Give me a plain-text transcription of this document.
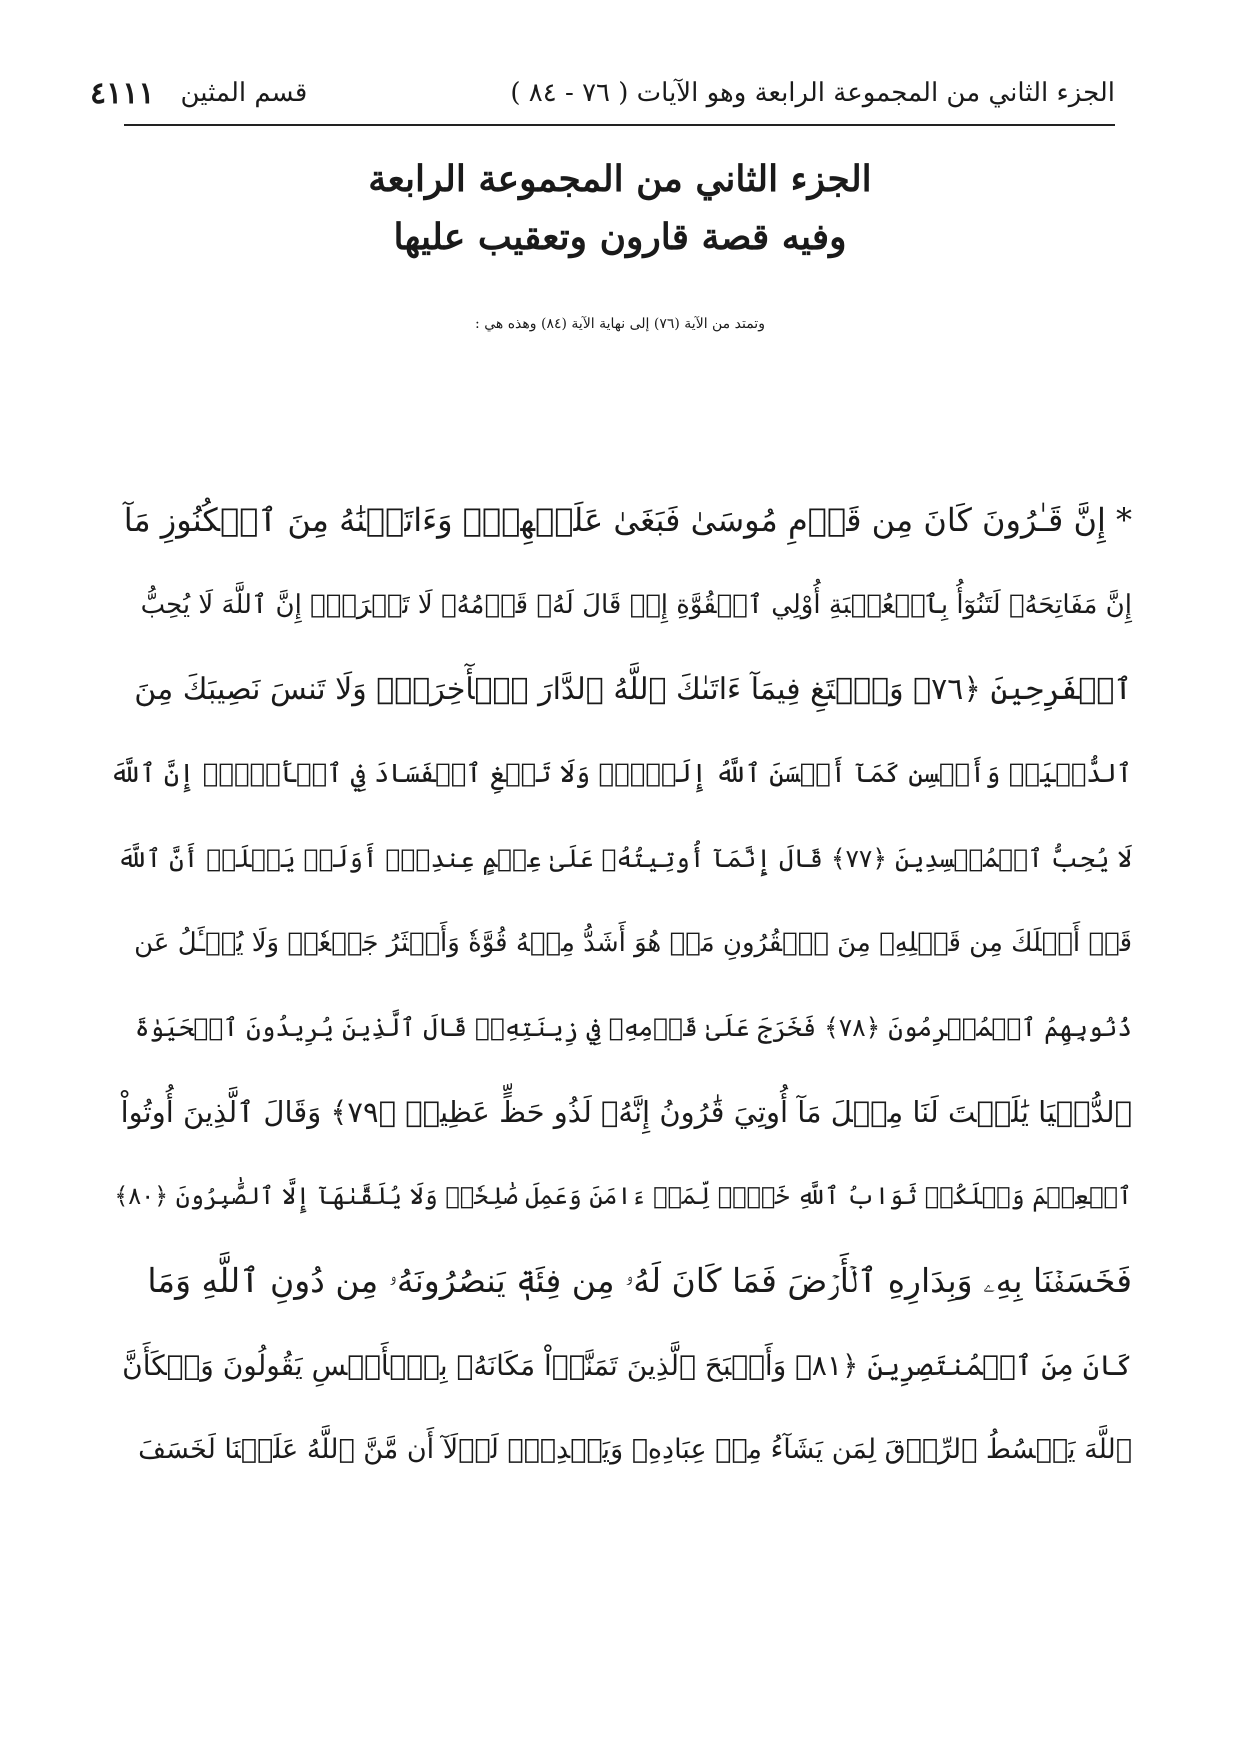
الجزء الثاني من المجموعة الرابعة وهو الآيات ( ٧٦ - ٨٤ )
قسم المثين
٤١١١
الجزء الثاني من المجموعة الرابعة
وفيه قصة قارون وتعقيب عليها
وتمتد من الآية (٧٦) إلى نهاية الآية (٨٤) وهذه هي :
* إِنَّ قَـٰرُونَ كَانَ مِن قَوۡمِ مُوسَىٰ فَبَغَىٰ عَلَيۡهِمۡۖ وَءَاتَيۡنَٰهُ مِنَ ٱلۡكُنُوزِ مَآ
إِنَّ مَفَاتِحَهُۥ لَتَنُوٓأُ بِٱلۡعُصۡبَةِ أُوْلِي ٱلۡقُوَّةِ إِذۡ قَالَ لَهُۥ قَوۡمُهُۥ لَا تَفۡرَحۡۖ إِنَّ ٱللَّهَ لَا يُحِبُّ
ٱلۡفَرِحِينَ ﴿٧٦﴾ وَٱبۡتَغِ فِيمَآ ءَاتَىٰكَ ٱللَّهُ ٱلدَّارَ ٱلۡأٓخِرَةَۖ وَلَا تَنسَ نَصِيبَكَ مِنَ
ٱلدُّنۡيَاۖ وَأَحۡسِن كَمَآ أَحۡسَنَ ٱللَّهُ إِلَيۡكَۖ وَلَا تَبۡغِ ٱلۡفَسَادَ فِي ٱلۡأَرۡضِۖ إِنَّ ٱللَّهَ
لَا يُحِبُّ ٱلۡمُفۡسِدِينَ ﴿٧٧﴾ قَالَ إِنَّمَآ أُوتِيتُهُۥ عَلَىٰ عِلۡمٍ عِندِيٓۚ أَوَلَمۡ يَعۡلَمۡ أَنَّ ٱللَّهَ
قَدۡ أَهۡلَكَ مِن قَبۡلِهِۦ مِنَ ٱلۡقُرُونِ مَنۡ هُوَ أَشَدُّ مِنۡهُ قُوَّةٗ وَأَكۡثَرُ جَمۡعٗاۚ وَلَا يُسۡـَٔلُ عَن
ذُنُوبِهِمُ ٱلۡمُجۡرِمُونَ ﴿٧٨﴾ فَخَرَجَ عَلَىٰ قَوۡمِهِۦ فِي زِينَتِهِۦۖ قَالَ ٱلَّذِينَ يُرِيدُونَ ٱلۡحَيَوٰةَ
ٱلدُّنۡيَا يَٰلَيۡتَ لَنَا مِثۡلَ مَآ أُوتِيَ قَٰرُونُ إِنَّهُۥ لَذُو حَظٍّ عَظِيمٖ ﴿٧٩﴾ وَقَالَ ٱلَّذِينَ أُوتُواْ
ٱلۡعِلۡمَ وَيۡلَكُمۡ ثَوَابُ ٱللَّهِ خَيۡرٞ لِّمَنۡ ءَامَنَ وَعَمِلَ صَٰلِحٗاۚ وَلَا يُلَقَّىٰهَآ إِلَّا ٱلصَّٰبِرُونَ ﴿٨٠﴾
فَخَسَفۡنَا بِهِۦ وَبِدَارِهِ ٱلۡأَرۡضَ فَمَا كَانَ لَهُۥ مِن فِئَةٖ يَنصُرُونَهُۥ مِن دُونِ ٱللَّهِ وَمَا
كَانَ مِنَ ٱلۡمُنتَصِرِينَ ﴿٨١﴾ وَأَصۡبَحَ ٱلَّذِينَ تَمَنَّوۡاْ مَكَانَهُۥ بِٱلۡأَمۡسِ يَقُولُونَ وَيۡكَأَنَّ
ٱللَّهَ يَبۡسُطُ ٱلرِّزۡقَ لِمَن يَشَآءُ مِنۡ عِبَادِهِۦ وَيَقۡدِرُۖ لَوۡلَآ أَن مَّنَّ ٱللَّهُ عَلَيۡنَا لَخَسَفَ
